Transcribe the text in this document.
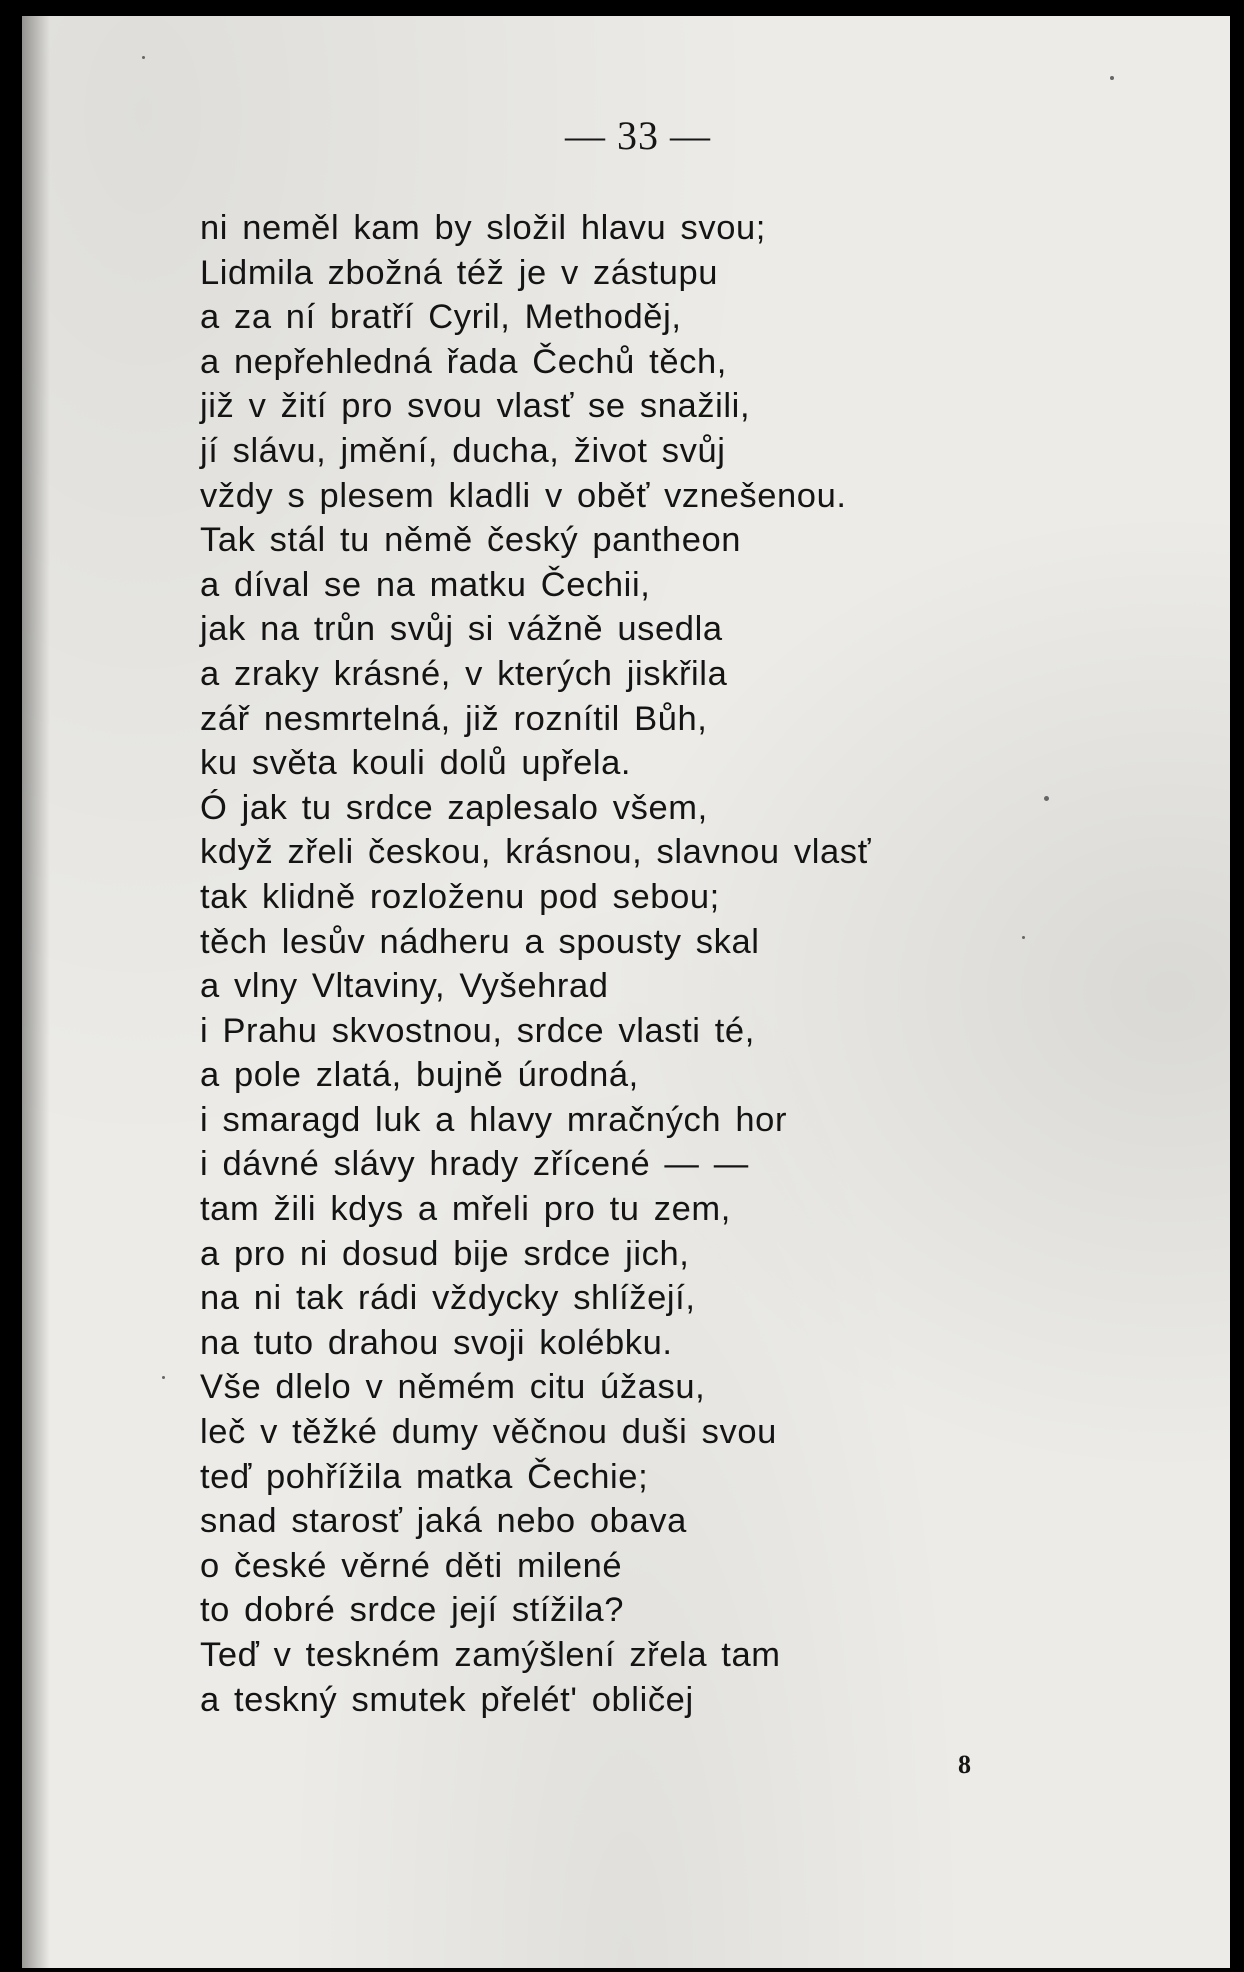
— 33 —
ni neměl kam by složil hlavu svou;
Lidmila zbožná též je v zástupu
a za ní bratří Cyril, Methoděj,
a nepřehledná řada Čechů těch,
již v žití pro svou vlasť se snažili,
jí slávu, jmění, ducha, život svůj
vždy s plesem kladli v oběť vznešenou.
Tak stál tu němě český pantheon
a díval se na matku Čechii,
jak na trůn svůj si vážně usedla
a zraky krásné, v kterých jiskřila
zář nesmrtelná, již roznítil Bůh,
ku světa kouli dolů upřela.
Ó jak tu srdce zaplesalo všem,
když zřeli českou, krásnou, slavnou vlasť
tak klidně rozloženu pod sebou;
těch lesův nádheru a spousty skal
a vlny Vltaviny, Vyšehrad
i Prahu skvostnou, srdce vlasti té,
a pole zlatá, bujně úrodná,
i smaragd luk a hlavy mračných hor
i dávné slávy hrady zřícené — —
tam žili kdys a mřeli pro tu zem,
a pro ni dosud bije srdce jich,
na ni tak rádi vždycky shlížejí,
na tuto drahou svoji kolébku.
Vše dlelo v němém citu úžasu,
leč v těžké dumy věčnou duši svou
teď pohřížila matka Čechie;
snad starosť jaká nebo obava
o české věrné děti milené
to dobré srdce její stížila?
Teď v teskném zamýšlení zřela tam
a teskný smutek přelét' obličej
8
